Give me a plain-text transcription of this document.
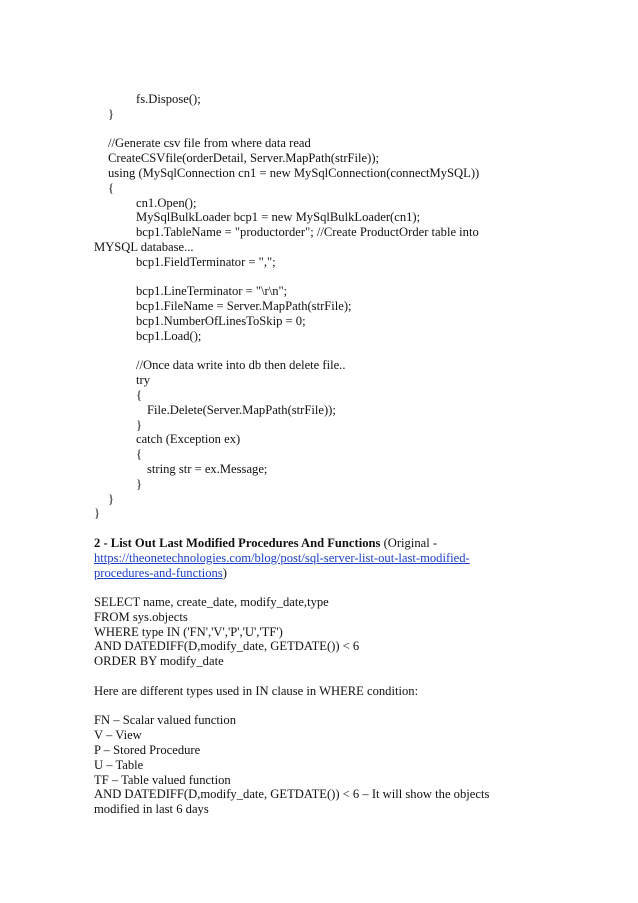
fs.Dispose();
}
//Generate csv file from where data read
CreateCSVfile(orderDetail, Server.MapPath(strFile));
using (MySqlConnection cn1 = new MySqlConnection(connectMySQL))
{
cn1.Open();
MySqlBulkLoader bcp1 = new MySqlBulkLoader(cn1);
bcp1.TableName = "productorder"; //Create ProductOrder table into
MYSQL database...
bcp1.FieldTerminator = ",";
bcp1.LineTerminator = "\r\n";
bcp1.FileName = Server.MapPath(strFile);
bcp1.NumberOfLinesToSkip = 0;
bcp1.Load();
//Once data write into db then delete file..
try
{
File.Delete(Server.MapPath(strFile));
}
catch (Exception ex)
{
string str = ex.Message;
}
}
}
2 - List Out Last Modified Procedures And Functions (Original -
https://theonetechnologies.com/blog/post/sql-server-list-out-last-modified-
procedures-and-functions)
SELECT name, create_date, modify_date,type
FROM sys.objects
WHERE type IN ('FN','V','P','U','TF')
AND DATEDIFF(D,modify_date, GETDATE()) < 6
ORDER BY modify_date
Here are different types used in IN clause in WHERE condition:
FN – Scalar valued function
V – View
P – Stored Procedure
U – Table
TF – Table valued function
AND DATEDIFF(D,modify_date, GETDATE()) < 6 – It will show the objects
modified in last 6 days
